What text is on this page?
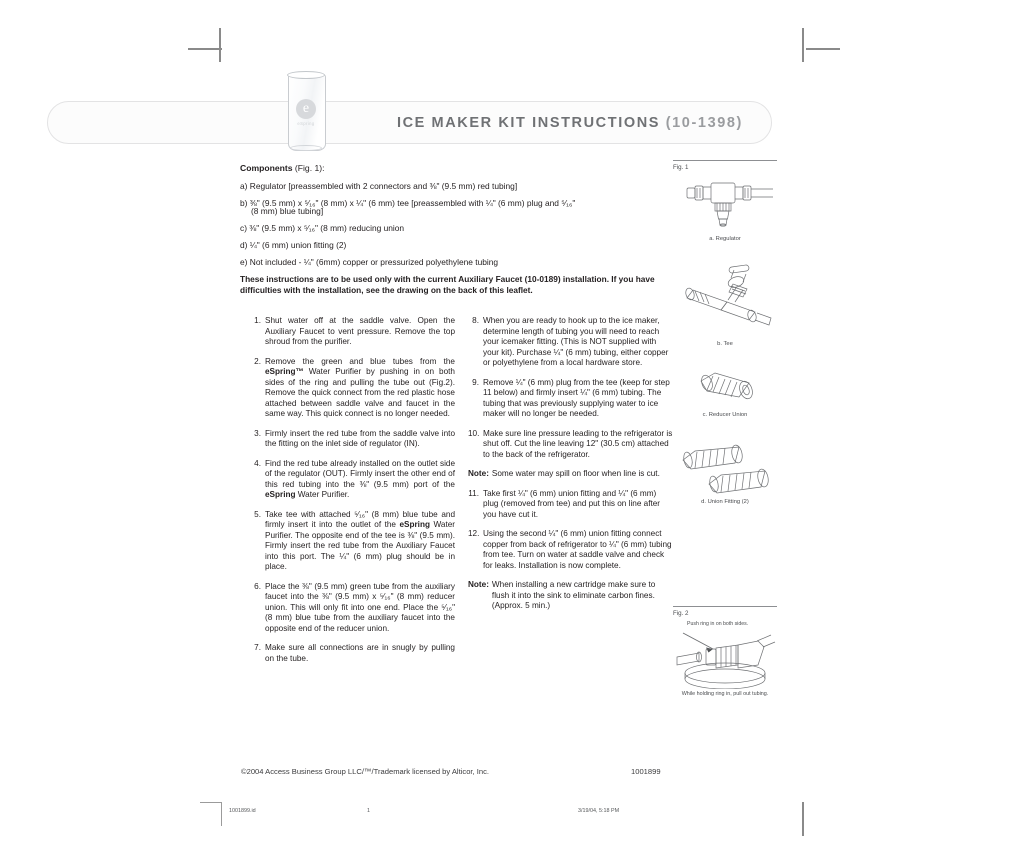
ICE MAKER KIT INSTRUCTIONS (10-1398)
e
eSpring
Components (Fig. 1):
a) Regulator [preassembled with 2 connectors and ⅜" (9.5 mm) red tubing]
b) ⅜" (9.5 mm) x ⁵⁄₁₆" (8 mm) x ¼" (6 mm) tee [preassembled with ¼" (6 mm) plug and ⁵⁄₁₆"
(8 mm) blue tubing]
c) ⅜" (9.5 mm) x ⁵⁄₁₆" (8 mm) reducing union
d) ¼" (6 mm) union fitting (2)
e) Not included - ¼" (6mm) copper or pressurized polyethylene tubing
These instructions are to be used only with the current Auxiliary Faucet (10-0189) installation. If you have difficulties with the installation, see the drawing on the back of this leaflet.
1. Shut water off at the saddle valve. Open the Auxiliary Faucet to vent pressure. Remove the top shroud from the purifier.
2. Remove the green and blue tubes from the eSpring™ Water Purifier by pushing in on both sides of the ring and pulling the tube out (Fig.2). Remove the quick connect from the red plastic hose attached between saddle valve and faucet in the same way. This quick connect is no longer needed.
3. Firmly insert the red tube from the saddle valve into the fitting on the inlet side of regulator (IN).
4. Find the red tube already installed on the outlet side of the regulator (OUT). Firmly insert the other end of this red tubing into the ⅜" (9.5 mm) port of the eSpring Water Purifier.
5. Take tee with attached ⁵⁄₁₆" (8 mm) blue tube and firmly insert it into the outlet of the eSpring Water Purifier. The opposite end of the tee is ⅜" (9.5 mm). Firmly insert the red tube from the Auxiliary Faucet into this port. The ¼" (6 mm) plug should be in place.
6. Place the ⅜" (9.5 mm) green tube from the auxiliary faucet into the ⅜" (9.5 mm) x ⁵⁄₁₆" (8 mm) reducer union. This will only fit into one end. Place the ⁵⁄₁₆" (8 mm) blue tube from the auxiliary faucet into the opposite end of the reducer union.
7. Make sure all connections are in snugly by pulling on the tube.
8. When you are ready to hook up to the ice maker, determine length of tubing you will need to reach your icemaker fitting. (This is NOT supplied with your kit). Purchase ¼" (6 mm) tubing, either copper or polyethylene from a local hardware store.
9. Remove ¼" (6 mm) plug from the tee (keep for step 11 below) and firmly insert ¼" (6 mm) tubing. The tubing that was previously supplying water to ice maker will no longer be needed.
10. Make sure line pressure leading to the refrigerator is shut off. Cut the line leaving 12" (30.5 cm) attached to the back of the refrigerator.
Note: Some water may spill on floor when line is cut.
11. Take first ¼" (6 mm) union fitting and ¼" (6 mm) plug (removed from tee) and put this on line after you have cut it.
12. Using the second ¼" (6 mm) union fitting connect copper from back of refrigerator to ¼" (6 mm) tubing from tee. Turn on water at saddle valve and check for leaks. Installation is now complete.
Note: When installing a new cartridge make sure to flush it into the sink to eliminate carbon fines. (Approx. 5 min.)
Fig. 1
a. Regulator
b. Tee
c. Reducer Union
d. Union Fitting (2)
Fig. 2
Push ring in on both sides.
While holding ring in, pull out tubing.
©2004 Access Business Group LLC/™/Trademark licensed by Alticor, Inc.	1001899
1001899.id	1	3/19/04, 5:18 PM
